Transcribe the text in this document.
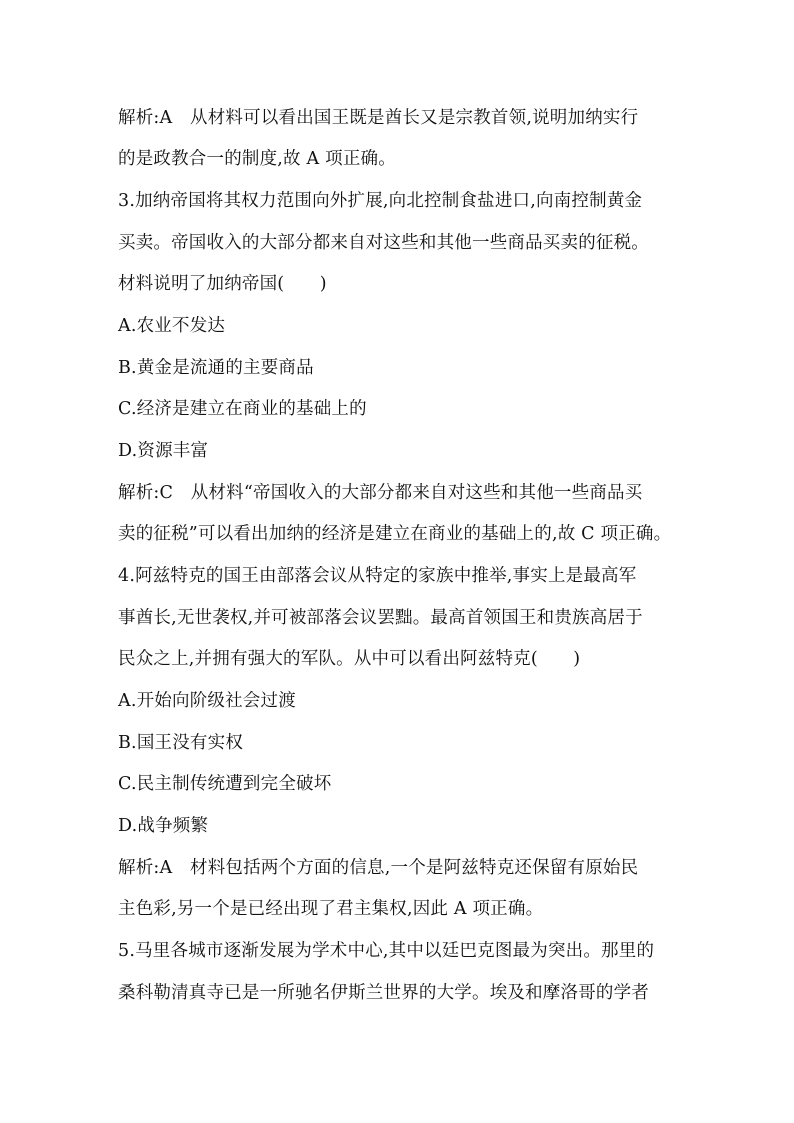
解析:A　从材料可以看出国王既是酋长又是宗教首领,说明加纳实行
的是政教合一的制度,故 A 项正确。
3.加纳帝国将其权力范围向外扩展,向北控制食盐进口,向南控制黄金
买卖。帝国收入的大部分都来自对这些和其他一些商品买卖的征税。
材料说明了加纳帝国(　　)
A.农业不发达
B.黄金是流通的主要商品
C.经济是建立在商业的基础上的
D.资源丰富
解析:C　从材料“帝国收入的大部分都来自对这些和其他一些商品买
卖的征税”可以看出加纳的经济是建立在商业的基础上的,故 C 项正确。
4.阿兹特克的国王由部落会议从特定的家族中推举,事实上是最高军
事酋长,无世袭权,并可被部落会议罢黜。最高首领国王和贵族高居于
民众之上,并拥有强大的军队。从中可以看出阿兹特克(　　)
A.开始向阶级社会过渡
B.国王没有实权
C.民主制传统遭到完全破坏
D.战争频繁
解析:A　材料包括两个方面的信息,一个是阿兹特克还保留有原始民
主色彩,另一个是已经出现了君主集权,因此 A 项正确。
5.马里各城市逐渐发展为学术中心,其中以廷巴克图最为突出。那里的
桑科勒清真寺已是一所驰名伊斯兰世界的大学。埃及和摩洛哥的学者
